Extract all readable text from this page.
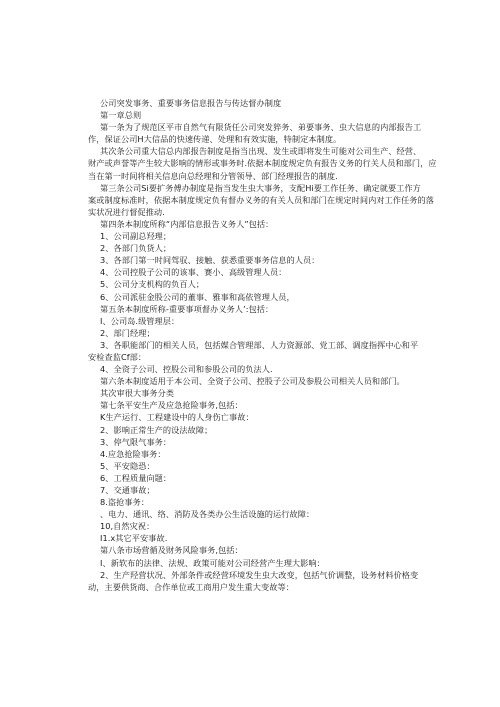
公司突发事务、重要事务信息报告与传达督办制度
第一章总则
第一条为了规范区平市自然气有限货任公司突发猝务、弟要事务、虫大信息的内部报告工
作，保证公司H大信品的快速传递、处理和有效实施，特制定本制度。
其次条公司重大信总内部报告制度是指当出现、发生或即将发生可能对公司生产、经营、
财产或声誉等产生较大影响的情形或事务时.依据本制度规定负有报告义务的行关人员和部门，应
当在第一时间将相关信息向总经理和分管领导、部门经理报告的制度.
第三条公司Si要扩务傅办制度是指当发生虫大事务，支配Hi要工作任务、确定就要工作方
案或制度标准时，依据本制度规定负有督办义务的有关人员和部门在规定时间内对工作任务的落
实状况进行督促推动.
第四条本制度所称“内部信息报告义务人”包括：
1、公司副总羟理；
2、各部门负货人；
3、各部门第一时间驾驭、接触、获悉重要事务信息的人员：
4、公司控股子公司的该事、赛小、高级管理人员：
5、公司分支机构的负百人；
6、公司派驻金股公司的董事、雅事和高依管理人员，
第五条本制度所称-重要事项督办义务人’:包括：
I、公司岛.级管理层：
2、部门经理；
3、各职能部门的相关人员，包括媒合管理部、人力资源部、党工部、调度指挥中心和平
安检查监Cf部：
4、全资子公司、控股公司和参股公司的负法人.
第六条本制度适用于本公司、全资子公司、控股子公司及参股公司相关人员和部门。
其次审很大事务分类
第七条平安生产及应急抢险事务,包括：
K生产运行、工程建设中的人身伤亡事故：
2、影响正常生产的设法故障；
3、停气限气事务：
4.应急抢险事务：
5、平安隐恐：
6、工程质量向题：
7、交通事故；
8.盗抢事务：
、电力、通讯、络、消防及各类办公生活设施的运行故障：
10,自然灾祝：
I1.x其它平安事故.
第八条市场营循及财务风险事务,包括：
I、新软布的法律、法规、政策可能对公司经营产生理大影响：
2、生产羟营状况、外部条件或经营环境发生虫大改变，包括气价调整，设务材料价格变
动，主要供货商、合作单位或工商用户发生重大变故等：
